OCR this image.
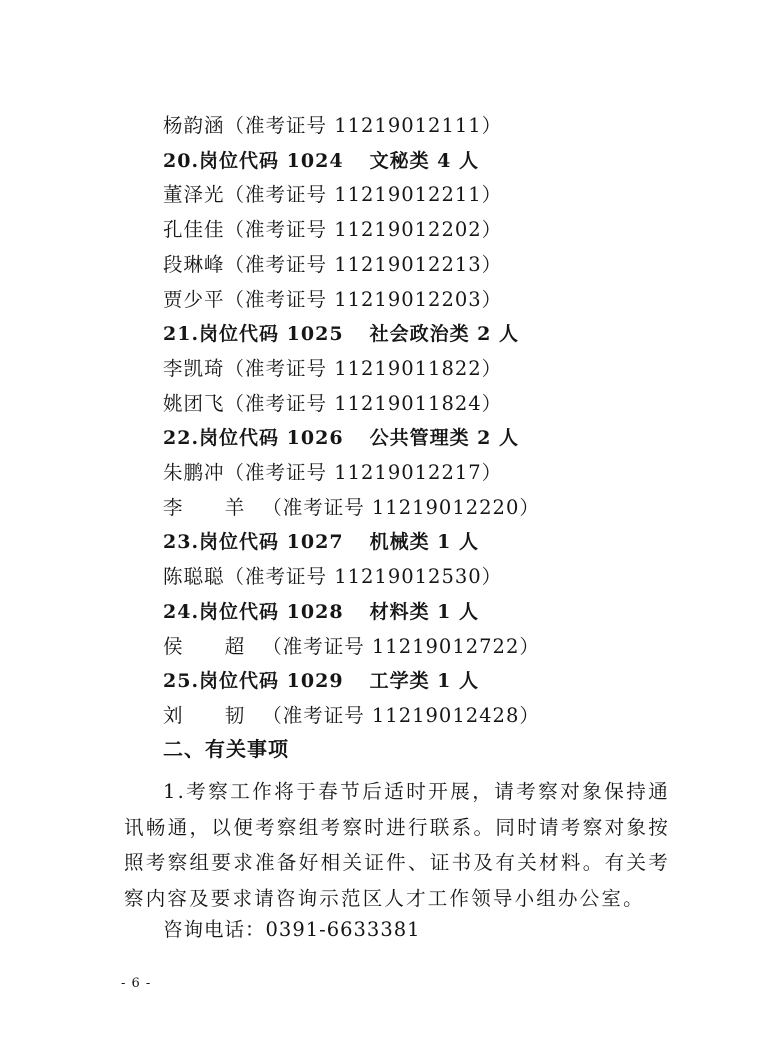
杨韵涵（准考证号 11219012111）
20.岗位代码 1024 文秘类 4 人
董泽光（准考证号 11219012211）
孔佳佳（准考证号 11219012202）
段琳峰（准考证号 11219012213）
贾少平（准考证号 11219012203）
21.岗位代码 1025 社会政治类 2 人
李凯琦（准考证号 11219011822）
姚团飞（准考证号 11219011824）
22.岗位代码 1026 公共管理类 2 人
朱鹏冲（准考证号 11219012217）
李 羊（准考证号 11219012220）
23.岗位代码 1027 机械类 1 人
陈聪聪（准考证号 11219012530）
24.岗位代码 1028 材料类 1 人
侯 超（准考证号 11219012722）
25.岗位代码 1029 工学类 1 人
刘 韧（准考证号 11219012428）
二、有关事项
1.考察工作将于春节后适时开展，请考察对象保持通讯畅通，以便考察组考察时进行联系。同时请考察对象按照考察组要求准备好相关证件、证书及有关材料。有关考察内容及要求请咨询示范区人才工作领导小组办公室。
咨询电话：0391-6633381
- 6 -
